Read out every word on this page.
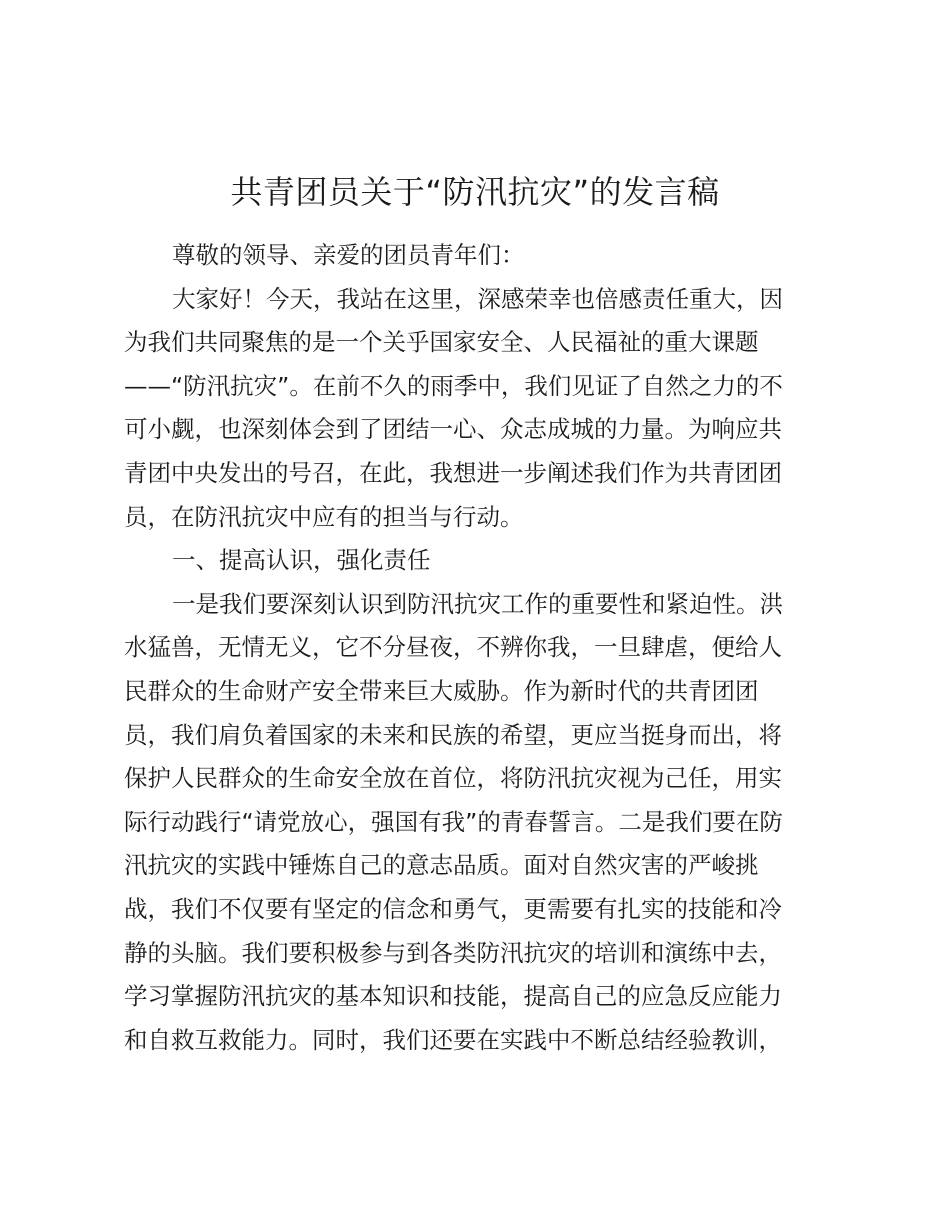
共青团员关于“防汛抗灾”的发言稿
尊敬的领导、亲爱的团员青年们：
大家好！今天，我站在这里，深感荣幸也倍感责任重大，因
为我们共同聚焦的是一个关乎国家安全、人民福祉的重大课题
——“防汛抗灾”。在前不久的雨季中，我们见证了自然之力的不
可小觑，也深刻体会到了团结一心、众志成城的力量。为响应共
青团中央发出的号召，在此，我想进一步阐述我们作为共青团团
员，在防汛抗灾中应有的担当与行动。
一、提高认识，强化责任
一是我们要深刻认识到防汛抗灾工作的重要性和紧迫性。洪
水猛兽，无情无义，它不分昼夜，不辨你我，一旦肆虐，便给人
民群众的生命财产安全带来巨大威胁。作为新时代的共青团团
员，我们肩负着国家的未来和民族的希望，更应当挺身而出，将
保护人民群众的生命安全放在首位，将防汛抗灾视为己任，用实
际行动践行“请党放心，强国有我”的青春誓言。二是我们要在防
汛抗灾的实践中锤炼自己的意志品质。面对自然灾害的严峻挑
战，我们不仅要有坚定的信念和勇气，更需要有扎实的技能和冷
静的头脑。我们要积极参与到各类防汛抗灾的培训和演练中去，
学习掌握防汛抗灾的基本知识和技能，提高自己的应急反应能力
和自救互救能力。同时，我们还要在实践中不断总结经验教训，
